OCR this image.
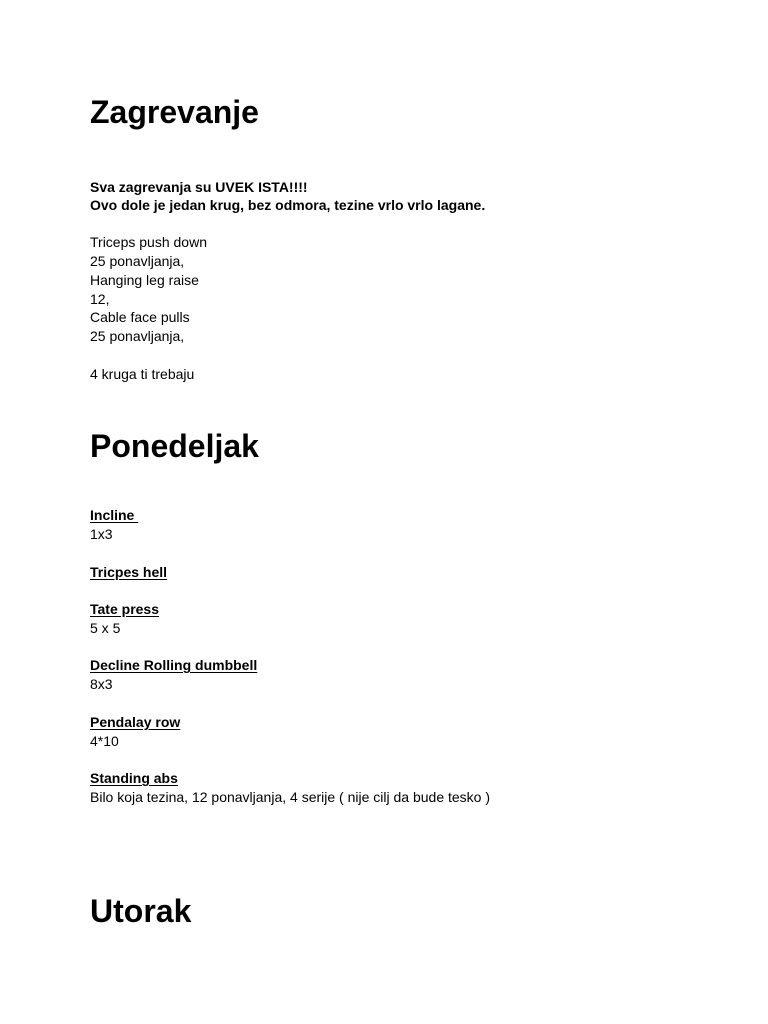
Zagrevanje
Sva zagrevanja su UVEK ISTA!!!!
Ovo dole je jedan krug, bez odmora, tezine vrlo vrlo lagane.
Triceps push down
25 ponavljanja,
Hanging leg raise
12,
Cable face pulls
25 ponavljanja,
4 kruga ti trebaju
Ponedeljak
Incline
1x3
Tricpes hell
Tate press
5 x 5
Decline Rolling dumbbell
8x3
Pendalay row
4*10
Standing abs
Bilo koja tezina, 12 ponavljanja, 4 serije ( nije cilj da bude tesko )
Utorak
